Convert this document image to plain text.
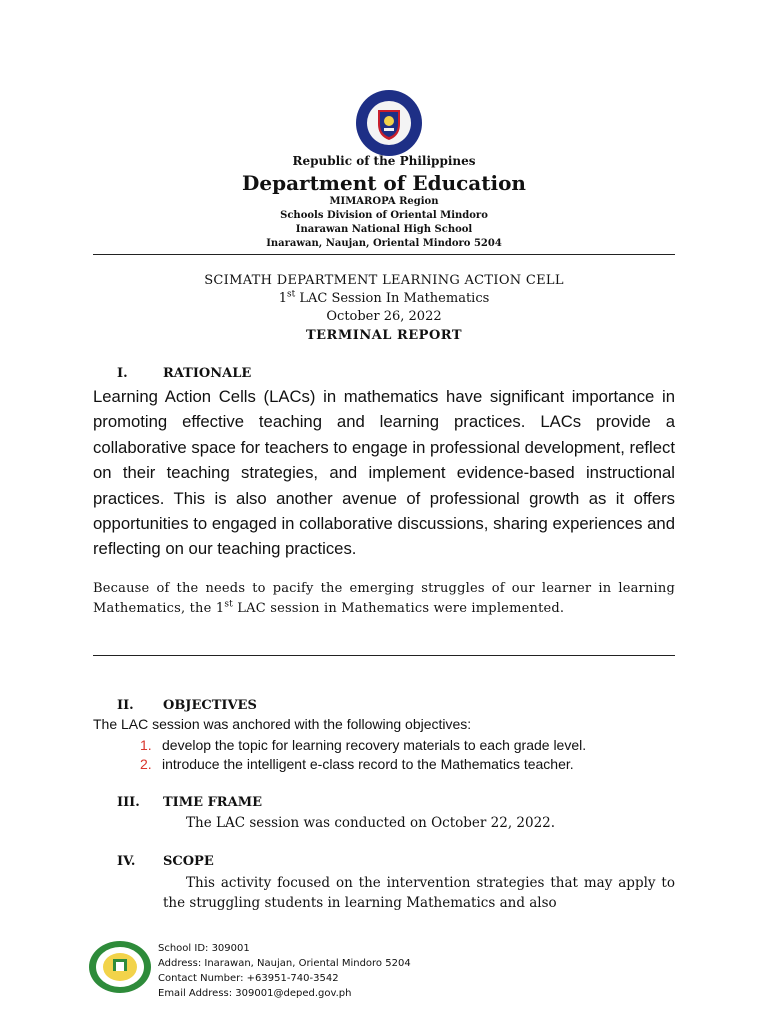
Republic of the Philippines
Department of Education
MIMAROPA Region
Schools Division of Oriental Mindoro
Inarawan National High School
Inarawan, Naujan, Oriental Mindoro 5204
SCIMATH DEPARTMENT LEARNING ACTION CELL
1st LAC Session In Mathematics
October 26, 2022
TERMINAL REPORT
I.	RATIONALE
Learning Action Cells (LACs) in mathematics have significant importance in promoting effective teaching and learning practices. LACs provide a collaborative space for teachers to engage in professional development, reflect on their teaching strategies, and implement evidence-based instructional practices. This is also another avenue of professional growth as it offers opportunities to engaged in collaborative discussions, sharing experiences and reflecting on our teaching practices.
Because of the needs to pacify the emerging struggles of our learner in learning Mathematics, the 1st LAC session in Mathematics were implemented.
II. OBJECTIVES
The LAC session was anchored with the following objectives:
1. develop the topic for learning recovery materials to each grade level.
2. introduce the intelligent e-class record to the Mathematics teacher.
III. TIME FRAME
The LAC session was conducted on October 22, 2022.
IV. SCOPE
This activity focused on the intervention strategies that may apply to the struggling students in learning Mathematics and also
School ID: 309001
Address: Inarawan, Naujan, Oriental Mindoro 5204
Contact Number: +63951-740-3542
Email Address: 309001@deped.gov.ph
